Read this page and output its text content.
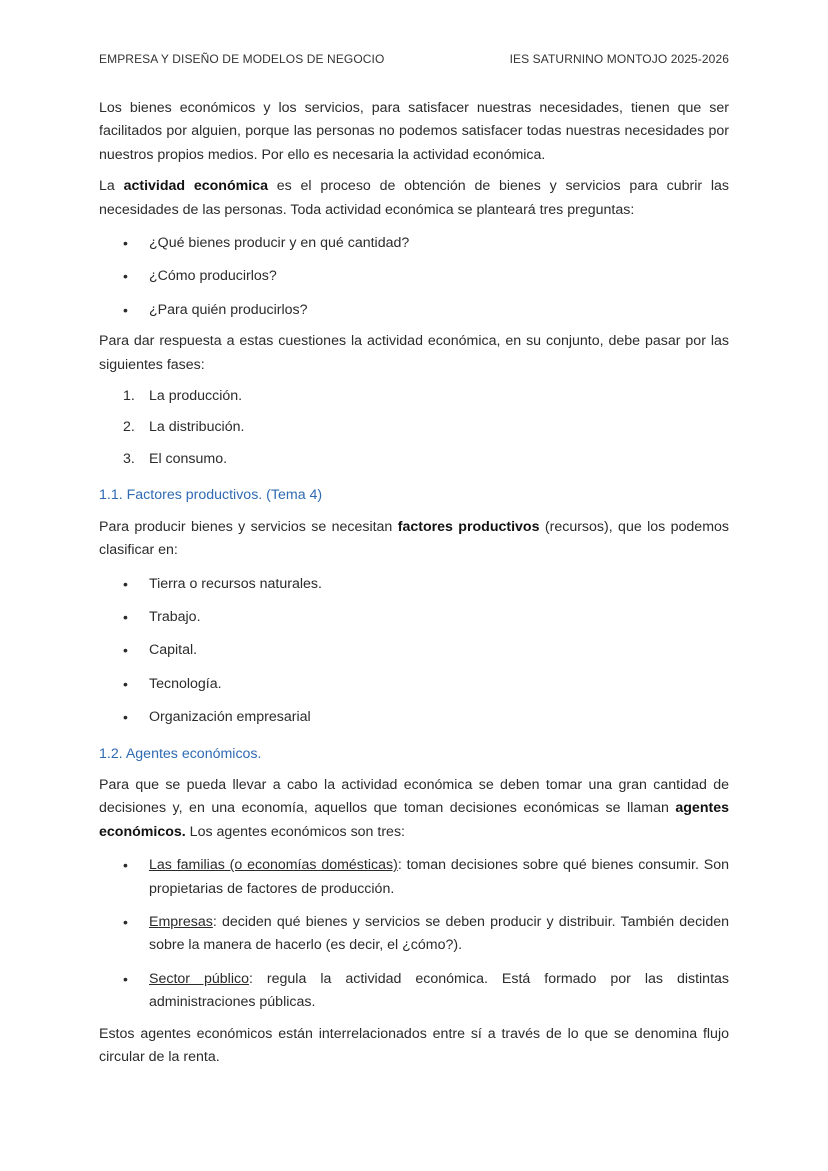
EMPRESA Y DISEÑO DE MODELOS DE NEGOCIO	IES SATURNINO MONTOJO 2025-2026

Los bienes económicos y los servicios, para satisfacer nuestras necesidades, tienen que ser facilitados por alguien, porque las personas no podemos satisfacer todas nuestras necesidades por nuestros propios medios. Por ello es necesaria la actividad económica.

La actividad económica es el proceso de obtención de bienes y servicios para cubrir las necesidades de las personas. Toda actividad económica se planteará tres preguntas:

• ¿Qué bienes producir y en qué cantidad?
• ¿Cómo producirlos?
• ¿Para quién producirlos?

Para dar respuesta a estas cuestiones la actividad económica, en su conjunto, debe pasar por las siguientes fases:

1. La producción.
2. La distribución.
3. El consumo.
1.1. Factores productivos. (Tema 4)

Para producir bienes y servicios se necesitan factores productivos (recursos), que los podemos clasificar en:

• Tierra o recursos naturales.
• Trabajo.
• Capital.
• Tecnología.
• Organización empresarial
1.2. Agentes económicos.

Para que se pueda llevar a cabo la actividad económica se deben tomar una gran cantidad de decisiones y, en una economía, aquellos que toman decisiones económicas se llaman agentes económicos. Los agentes económicos son tres:

• Las familias (o economías domésticas): toman decisiones sobre qué bienes consumir. Son propietarias de factores de producción.
• Empresas: deciden qué bienes y servicios se deben producir y distribuir. También deciden sobre la manera de hacerlo (es decir, el ¿cómo?).
• Sector público: regula la actividad económica. Está formado por las distintas administraciones públicas.

Estos agentes económicos están interrelacionados entre sí a través de lo que se denomina flujo circular de la renta.
